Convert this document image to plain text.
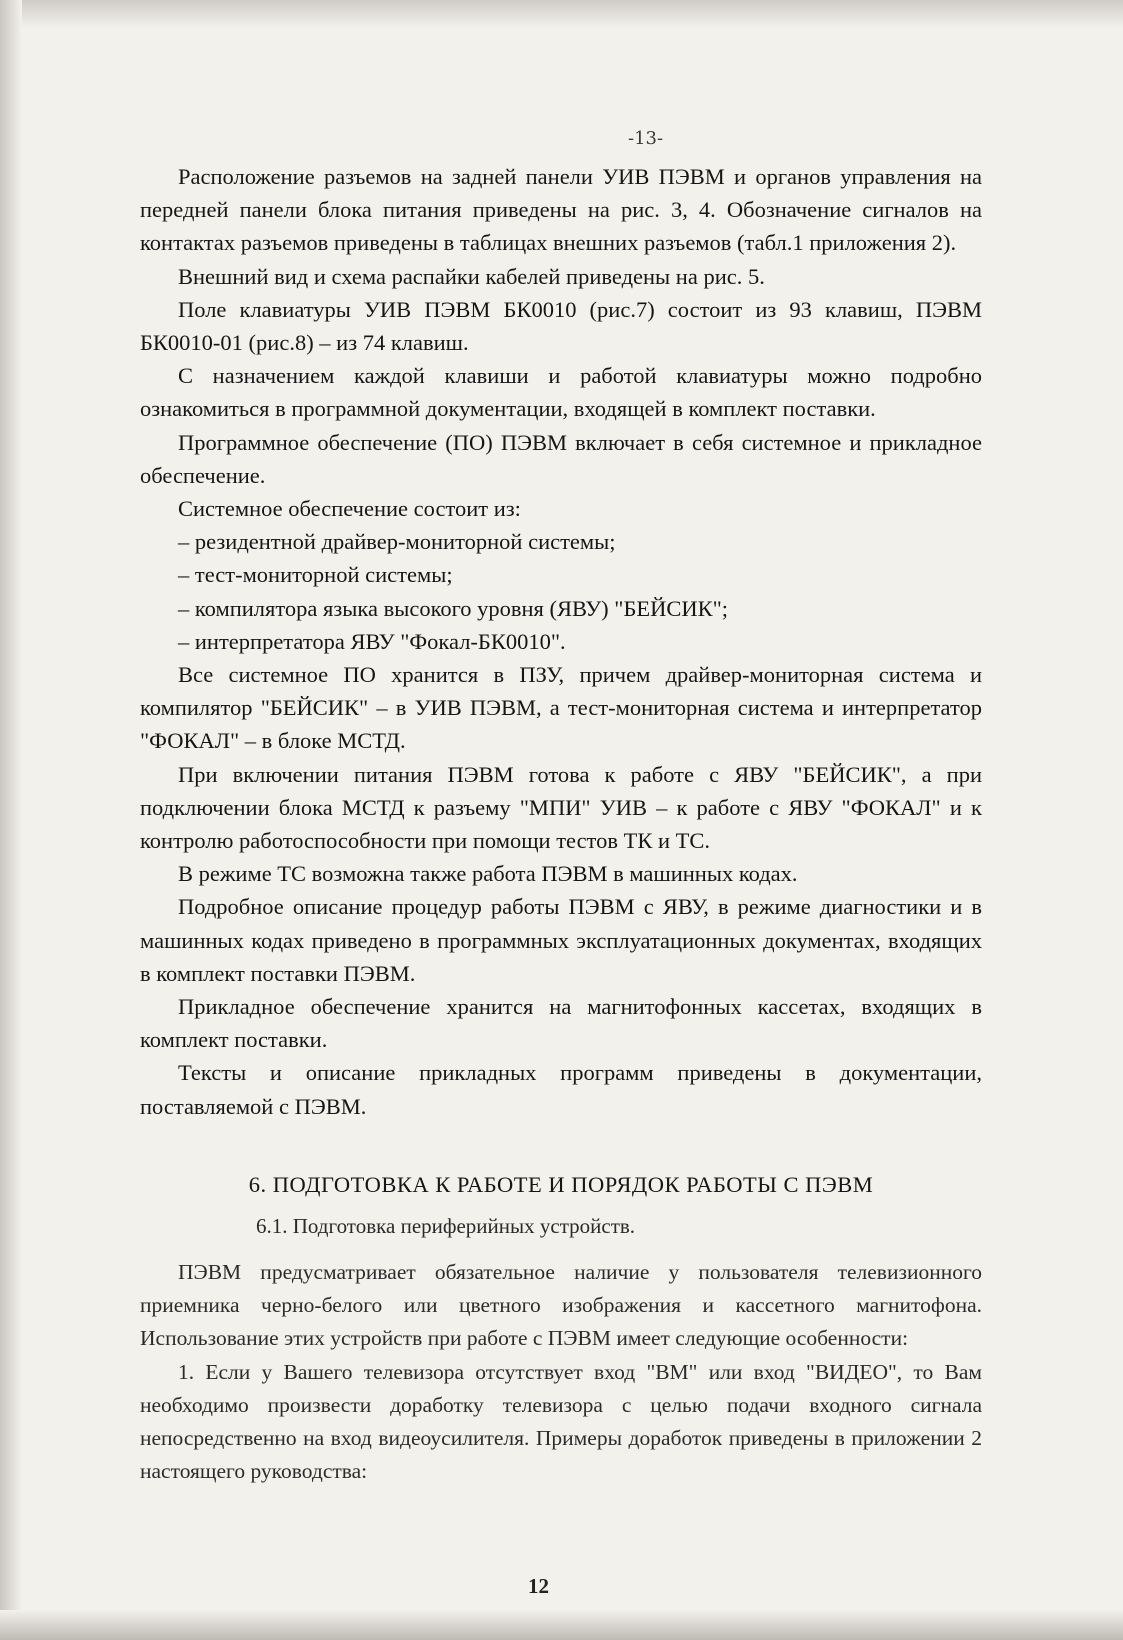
-13-

Расположение разъемов на задней панели УИВ ПЭВМ и органов управления на передней панели блока питания приведены на рис. 3, 4. Обозначение сигналов на контактах разъемов приведены в таблицах внешних разъемов (табл.1 приложения 2).

Внешний вид и схема распайки кабелей приведены на рис. 5.

Поле клавиатуры УИВ ПЭВМ БК0010 (рис.7) состоит из 93 клавиш, ПЭВМ БК0010-01 (рис.8) – из 74 клавиш.

С назначением каждой клавиши и работой клавиатуры можно подробно ознакомиться в программной документации, входящей в комплект поставки.

Программное обеспечение (ПО) ПЭВМ включает в себя системное и прикладное обеспечение.

Системное обеспечение состоит из:

– резидентной драйвер-мониторной системы;

– тест-мониторной системы;

– компилятора языка высокого уровня (ЯВУ) "БЕЙСИК";

– интерпретатора ЯВУ "Фокал-БК0010".

Все системное ПО хранится в ПЗУ, причем драйвер-мониторная система и компилятор "БЕЙСИК" – в УИВ ПЭВМ, а тест-мониторная система и интерпретатор "ФОКАЛ" – в блоке МСТД.

При включении питания ПЭВМ готова к работе с ЯВУ "БЕЙСИК", а при подключении блока МСТД к разъему "МПИ" УИВ – к работе с ЯВУ "ФОКАЛ" и к контролю работоспособности при помощи тестов ТК и ТС.

В режиме ТС возможна также работа ПЭВМ в машинных кодах.

Подробное описание процедур работы ПЭВМ с ЯВУ, в режиме диагностики и в машинных кодах приведено в программных эксплуатационных документах, входящих в комплект поставки ПЭВМ.

Прикладное обеспечение хранится на магнитофонных кассетах, входящих в комплект поставки.

Тексты и описание прикладных программ приведены в документации, поставляемой с ПЭВМ.

6. ПОДГОТОВКА К РАБОТЕ И ПОРЯДОК РАБОТЫ С ПЭВМ
6.1. Подготовка периферийных устройств.

ПЭВМ предусматривает обязательное наличие у пользователя телевизионного приемника черно-белого или цветного изображения и кассетного магнитофона. Использование этих устройств при работе с ПЭВМ имеет следующие особенности:

1. Если у Вашего телевизора отсутствует вход "ВМ" или вход "ВИДЕО", то Вам необходимо произвести доработку телевизора с целью подачи входного сигнала непосредственно на вход видеоусилителя. Примеры доработок приведены в приложении 2 настоящего руководства:

12
